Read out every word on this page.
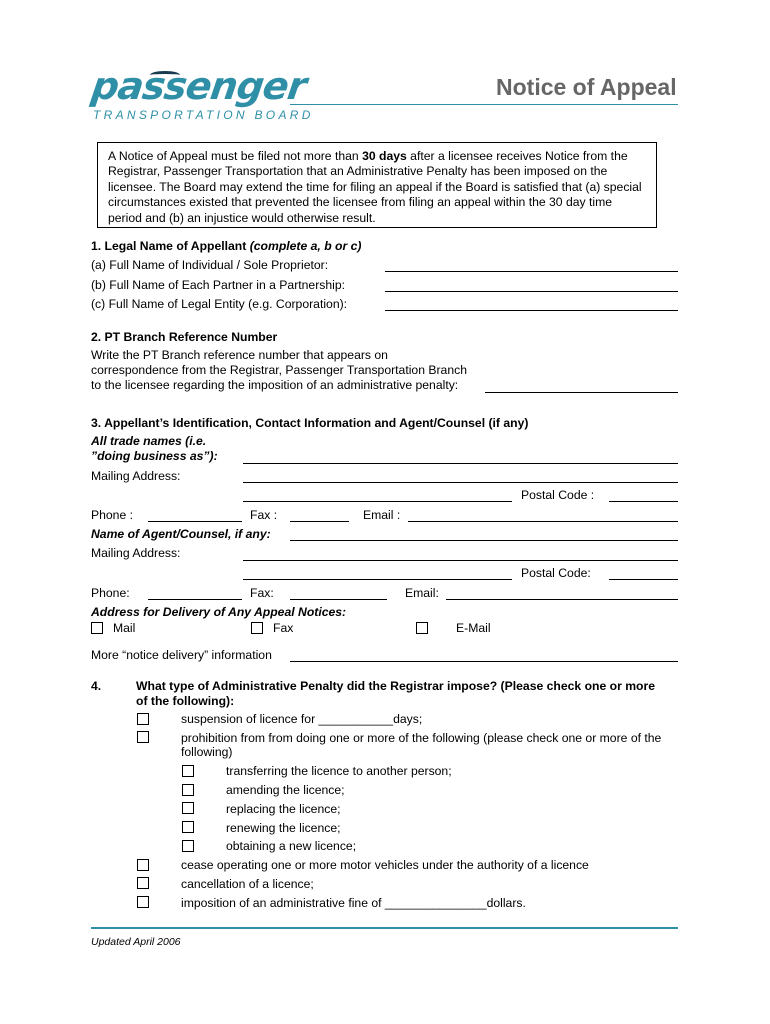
passenger
TRANSPORTATION BOARD
Notice of Appeal
A Notice of Appeal must be filed not more than 30 days after a licensee receives Notice from the Registrar, Passenger Transportation that an Administrative Penalty has been imposed on the licensee. The Board may extend the time for filing an appeal if the Board is satisfied that (a) special circumstances existed that prevented the licensee from filing an appeal within the 30 day time period and (b) an injustice would otherwise result.
1. Legal Name of Appellant (complete a, b or c)
(a) Full Name of Individual / Sole Proprietor:
(b) Full Name of Each Partner in a Partnership:
(c) Full Name of Legal Entity (e.g. Corporation):
2. PT Branch Reference Number
Write the PT Branch reference number that appears on
correspondence from the Registrar, Passenger Transportation Branch
to the licensee regarding the imposition of an administrative penalty:
3. Appellant’s Identification, Contact Information and Agent/Counsel (if any)
All trade names (i.e.
”doing business as”):
Mailing Address:
Postal Code :
Phone :	Fax :	Email :
Name of Agent/Counsel, if any:
Mailing Address:
Postal Code:
Phone:	Fax:	Email:
Address for Delivery of Any Appeal Notices:
Mail	Fax	E-Mail
More “notice delivery” information
4.	What type of Administrative Penalty did the Registrar impose? (Please check one or more
of the following):
suspension of licence for ___________days;
prohibition from from doing one or more of the following (please check one or more of the
following)
transferring the licence to another person;
amending the licence;
replacing the licence;
renewing the licence;
obtaining a new licence;
cease operating one or more motor vehicles under the authority of a licence
cancellation of a licence;
imposition of an administrative fine of _______________dollars.
Updated April 2006
